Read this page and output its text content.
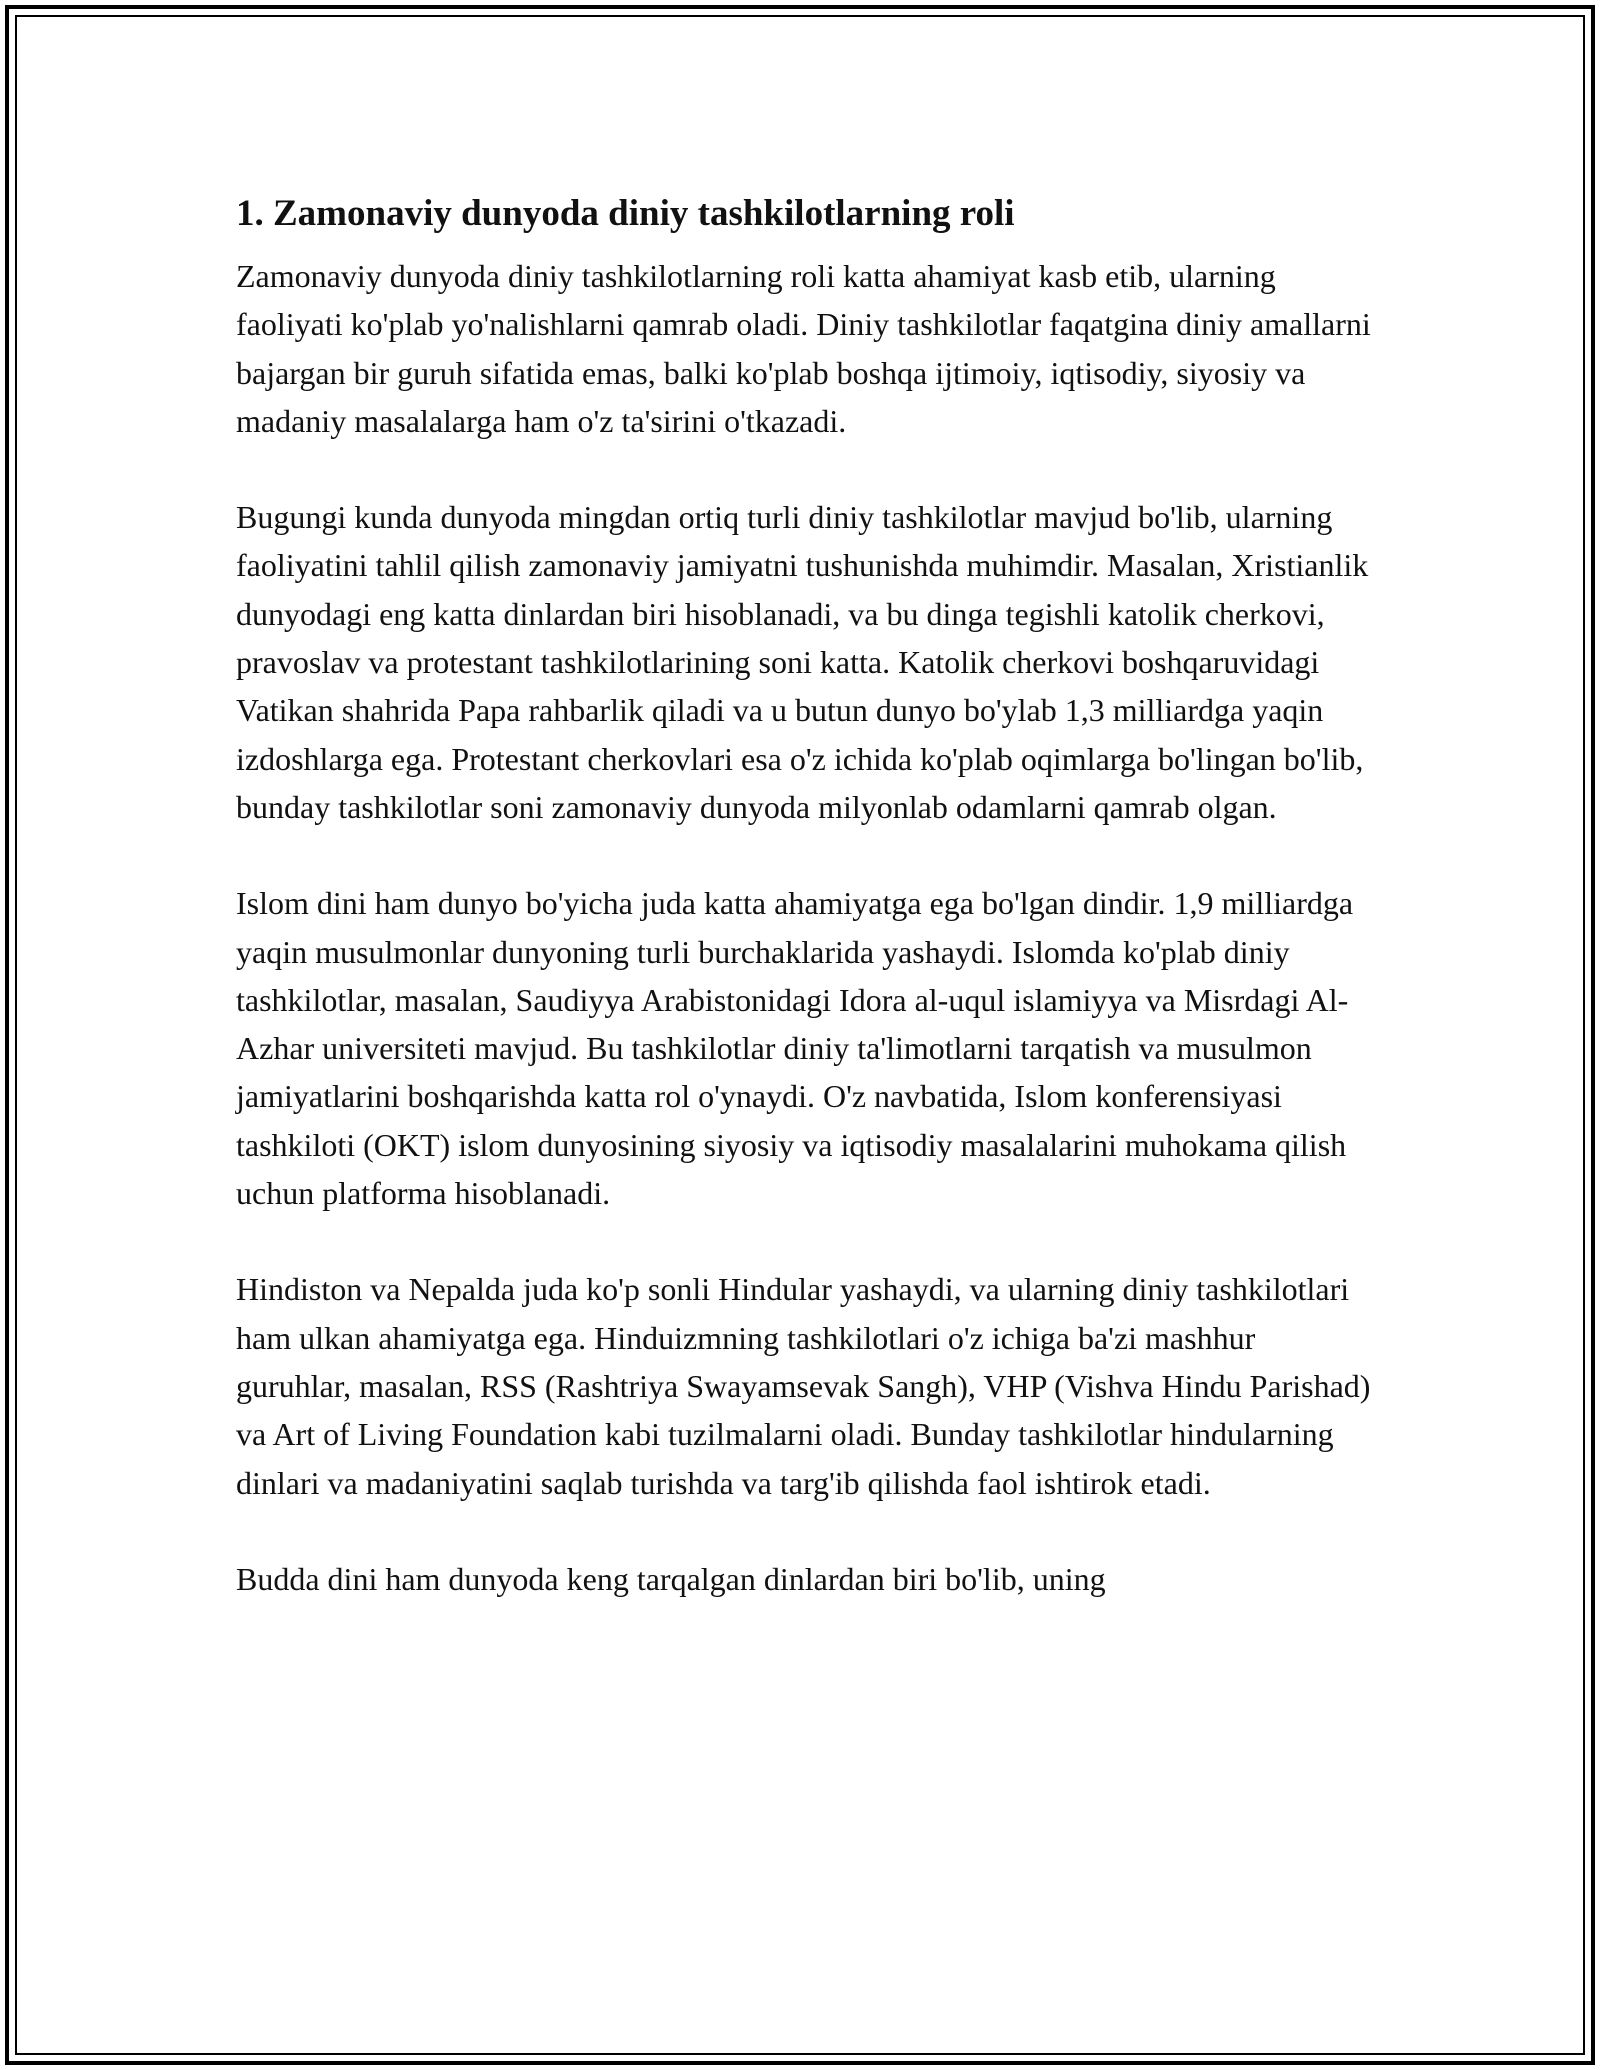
1. Zamonaviy dunyoda diniy tashkilotlarning roli

Zamonaviy dunyoda diniy tashkilotlarning roli katta ahamiyat kasb etib, ularning faoliyati ko'plab yo'nalishlarni qamrab oladi. Diniy tashkilotlar faqatgina diniy amallarni bajargan bir guruh sifatida emas, balki ko'plab boshqa ijtimoiy, iqtisodiy, siyosiy va madaniy masalalarga ham o'z ta'sirini o'tkazadi.

Bugungi kunda dunyoda mingdan ortiq turli diniy tashkilotlar mavjud bo'lib, ularning faoliyatini tahlil qilish zamonaviy jamiyatni tushunishda muhimdir. Masalan, Xristianlik dunyodagi eng katta dinlardan biri hisoblanadi, va bu dinga tegishli katolik cherkovi, pravoslav va protestant tashkilotlarining soni katta. Katolik cherkovi boshqaruvidagi Vatikan shahrida Papa rahbarlik qiladi va u butun dunyo bo'ylab 1,3 milliardga yaqin izdoshlarga ega. Protestant cherkovlari esa o'z ichida ko'plab oqimlarga bo'lingan bo'lib, bunday tashkilotlar soni zamonaviy dunyoda milyonlab odamlarni qamrab olgan.

Islom dini ham dunyo bo'yicha juda katta ahamiyatga ega bo'lgan dindir. 1,9 milliardga yaqin musulmonlar dunyoning turli burchaklarida yashaydi. Islomda ko'plab diniy tashkilotlar, masalan, Saudiyya Arabistonidagi Idora al-uqul islamiyya va Misrdagi Al-Azhar universiteti mavjud. Bu tashkilotlar diniy ta'limotlarni tarqatish va musulmon jamiyatlarini boshqarishda katta rol o'ynaydi. O'z navbatida, Islom konferensiyasi tashkiloti (OKT) islom dunyosining siyosiy va iqtisodiy masalalarini muhokama qilish uchun platforma hisoblanadi.

Hindiston va Nepalda juda ko'p sonli Hindular yashaydi, va ularning diniy tashkilotlari ham ulkan ahamiyatga ega. Hinduizmning tashkilotlari o'z ichiga ba'zi mashhur guruhlar, masalan, RSS (Rashtriya Swayamsevak Sangh), VHP (Vishva Hindu Parishad) va Art of Living Foundation kabi tuzilmalarni oladi. Bunday tashkilotlar hindularning dinlari va madaniyatini saqlab turishda va targ'ib qilishda faol ishtirok etadi.

Budda dini ham dunyoda keng tarqalgan dinlardan biri bo'lib, uning
